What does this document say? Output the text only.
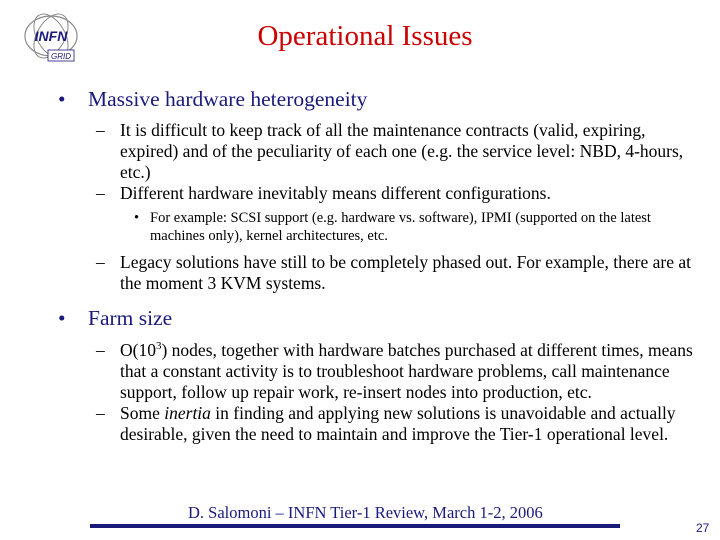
INFN
GRID
Operational Issues
• Massive hardware heterogeneity
– It is difficult to keep track of all the maintenance contracts (valid, expiring, expired) and of the peculiarity of each one (e.g. the service level: NBD, 4-hours, etc.)
– Different hardware inevitably means different configurations.
• For example: SCSI support (e.g. hardware vs. software), IPMI (supported on the latest machines only), kernel architectures, etc.
– Legacy solutions have still to be completely phased out. For example, there are at the moment 3 KVM systems.
• Farm size
– $O(10^3)$ nodes, together with hardware batches purchased at different times, means that a constant activity is to troubleshoot hardware problems, call maintenance support, follow up repair work, re-insert nodes into production, etc.
– Some inertia in finding and applying new solutions is unavoidable and actually desirable, given the need to maintain and improve the Tier-1 operational level.
D. Salomoni – INFN Tier-1 Review, March 1-2, 2006
27
